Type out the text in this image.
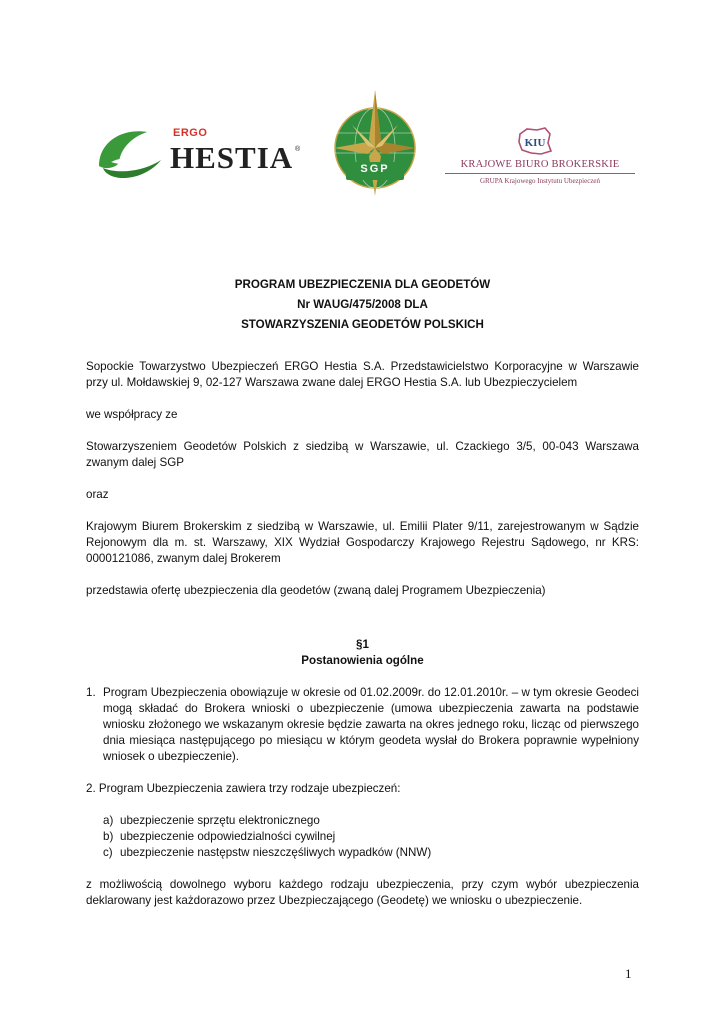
ERGO
HESTIA ®
SGP
KIU
KRAJOWE BIURO BROKERSKIE
GRUPA Krajowego Instytutu Ubezpieczeń
PROGRAM UBEZPIECZENIA DLA GEODETÓW
Nr WAUG/475/2008 DLA
STOWARZYSZENIA GEODETÓW POLSKICH

Sopockie Towarzystwo Ubezpieczeń ERGO Hestia S.A. Przedstawicielstwo Korporacyjne w Warszawie przy ul. Mołdawskiej 9, 02-127 Warszawa zwane dalej ERGO Hestia S.A. lub Ubezpieczycielem

we współpracy ze

Stowarzyszeniem Geodetów Polskich z siedzibą w Warszawie, ul. Czackiego 3/5, 00-043 Warszawa zwanym dalej SGP

oraz

Krajowym Biurem Brokerskim z siedzibą w Warszawie, ul. Emilii Plater 9/11, zarejestrowanym w Sądzie Rejonowym dla m. st. Warszawy, XIX Wydział Gospodarczy Krajowego Rejestru Sądowego, nr KRS: 0000121086, zwanym dalej Brokerem

przedstawia ofertę ubezpieczenia dla geodetów (zwaną dalej Programem Ubezpieczenia)

§1
Postanowienia ogólne
1. Program Ubezpieczenia obowiązuje w okresie od 01.02.2009r. do 12.01.2010r. – w tym okresie Geodeci mogą składać do Brokera wnioski o ubezpieczenie (umowa ubezpieczenia zawarta na podstawie wniosku złożonego we wskazanym okresie będzie zawarta na okres jednego roku, licząc od pierwszego dnia miesiąca następującego po miesiącu w którym geodeta wysłał do Brokera poprawnie wypełniony wniosek o ubezpieczenie).

2. Program Ubezpieczenia zawiera trzy rodzaje ubezpieczeń:

a) ubezpieczenie sprzętu elektronicznego
b) ubezpieczenie odpowiedzialności cywilnej
c) ubezpieczenie następstw nieszczęśliwych wypadków (NNW)

z możliwością dowolnego wyboru każdego rodzaju ubezpieczenia, przy czym wybór ubezpieczenia deklarowany jest każdorazowo przez Ubezpieczającego (Geodetę) we wniosku o ubezpieczenie.

1
